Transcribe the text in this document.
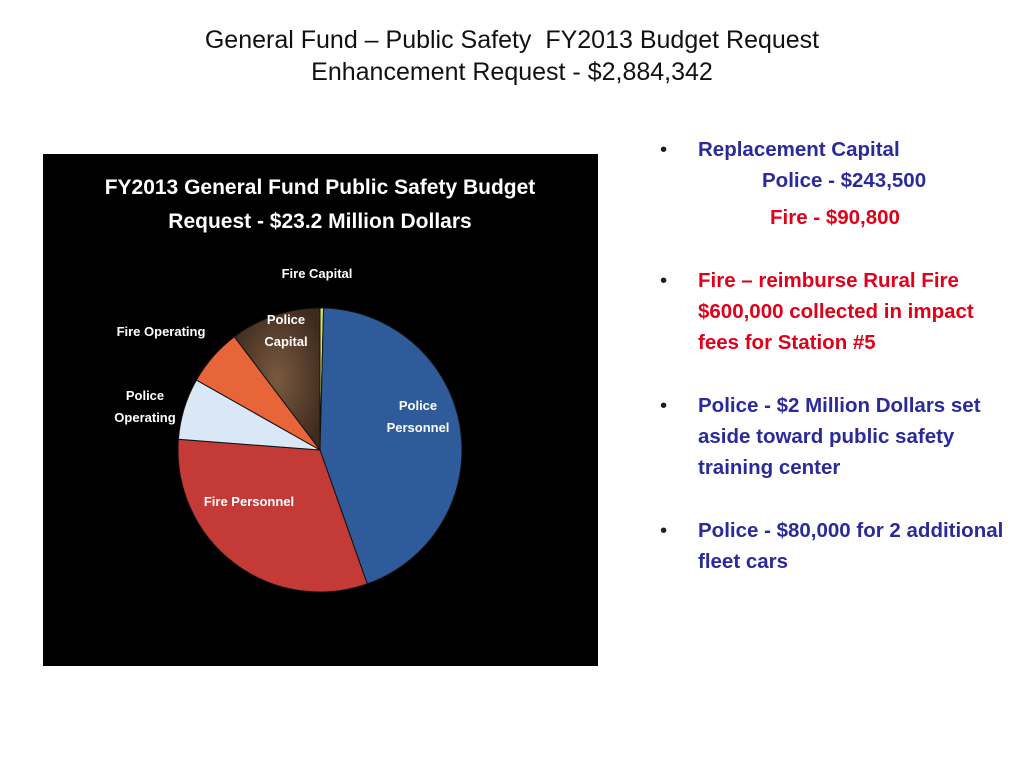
General Fund – Public Safety  FY2013 Budget Request
Enhancement Request - $2,884,342
FY2013 General Fund Public Safety Budget
Request - $23.2 Million Dollars
Fire Capital
Police Personnel
Fire Personnel
Police Operating
Fire Operating
Police Capital
• Replacement Capital
Police - $243,500
Fire - $90,800
• Fire – reimburse Rural Fire $600,000 collected in impact fees for Station #5
• Police - $2 Million Dollars set aside toward public safety training center
• Police - $80,000 for 2 additional fleet cars
